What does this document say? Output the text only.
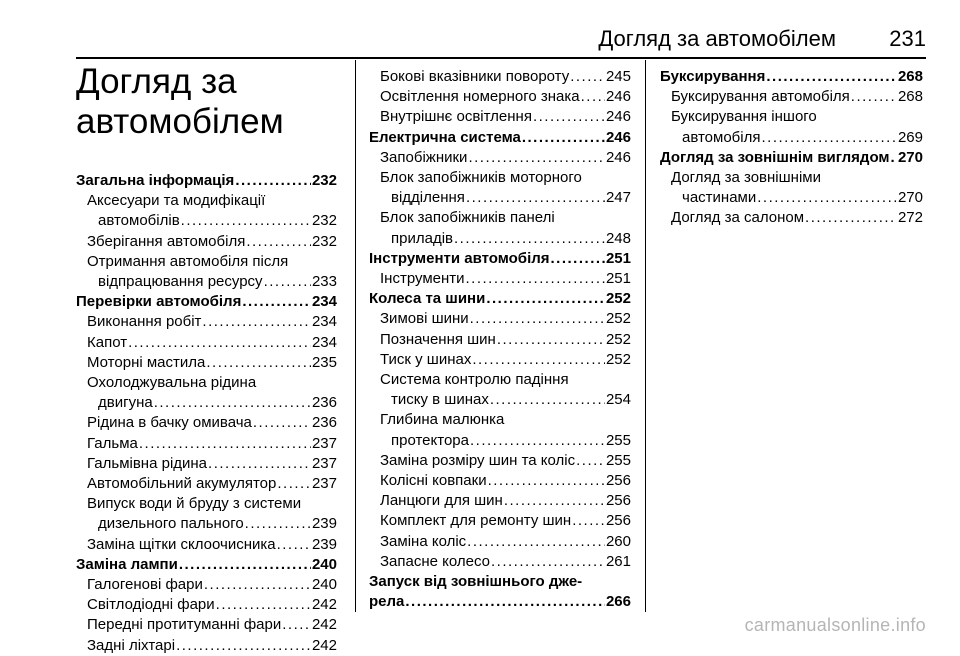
Догляд за автомобілем 231
Догляд за
автомобілем
Загальна інформація .....	232
Аксесуари та модифікації
автомобілів .....	232
Зберігання автомобіля .....	232
Отримання автомобіля після
відпрацювання ресурсу .....	233
Перевірки автомобіля .....	234
Виконання робіт .....	234
Капот .....	234
Моторні мастила .....	235
Охолоджувальна рідина
двигуна .....	236
Рідина в бачку омивача .....	236
Гальма .....	237
Гальмівна рідина .....	237
Автомобільний акумулятор ..... 237
Випуск води й бруду з системи
дизельного пального .....	239
Заміна щітки склоочисника ..... 239
Заміна лампи .....	240
Галогенові фари .....	240
Світлодіодні фари .....	242
Передні протитуманні фари ..... 242
Задні ліхтарі .....	242
Бокові вказівники повороту ..... 245
Освітлення номерного знака ..... 246
Внутрішнє освітлення .....	246
Електрична система .....	246
Запобіжники .....	246
Блок запобіжників моторного
відділення .....	247
Блок запобіжників панелі
приладів .....	248
Інструменти автомобіля .....	251
Інструменти .....	251
Колеса та шини .....	252
Зимові шини .....	252
Позначення шин .....	252
Тиск у шинах .....	252
Система контролю падіння
тиску в шинах .....	254
Глибина малюнка
протектора .....	255
Заміна розміру шин та коліс ..... 255
Колісні ковпаки .....	256
Ланцюги для шин .....	256
Комплект для ремонту шин ..... 256
Заміна коліс .....	260
Запасне колесо .....	261
Запуск від зовнішнього дже-
рела .....	266
Буксирування .....	268
Буксирування автомобіля .....	268
Буксирування іншого
автомобіля .....	269
Догляд за зовнішнім виглядом ..... 270
Догляд за зовнішніми
частинами .....	270
Догляд за салоном .....	272
carmanualsonline.info
